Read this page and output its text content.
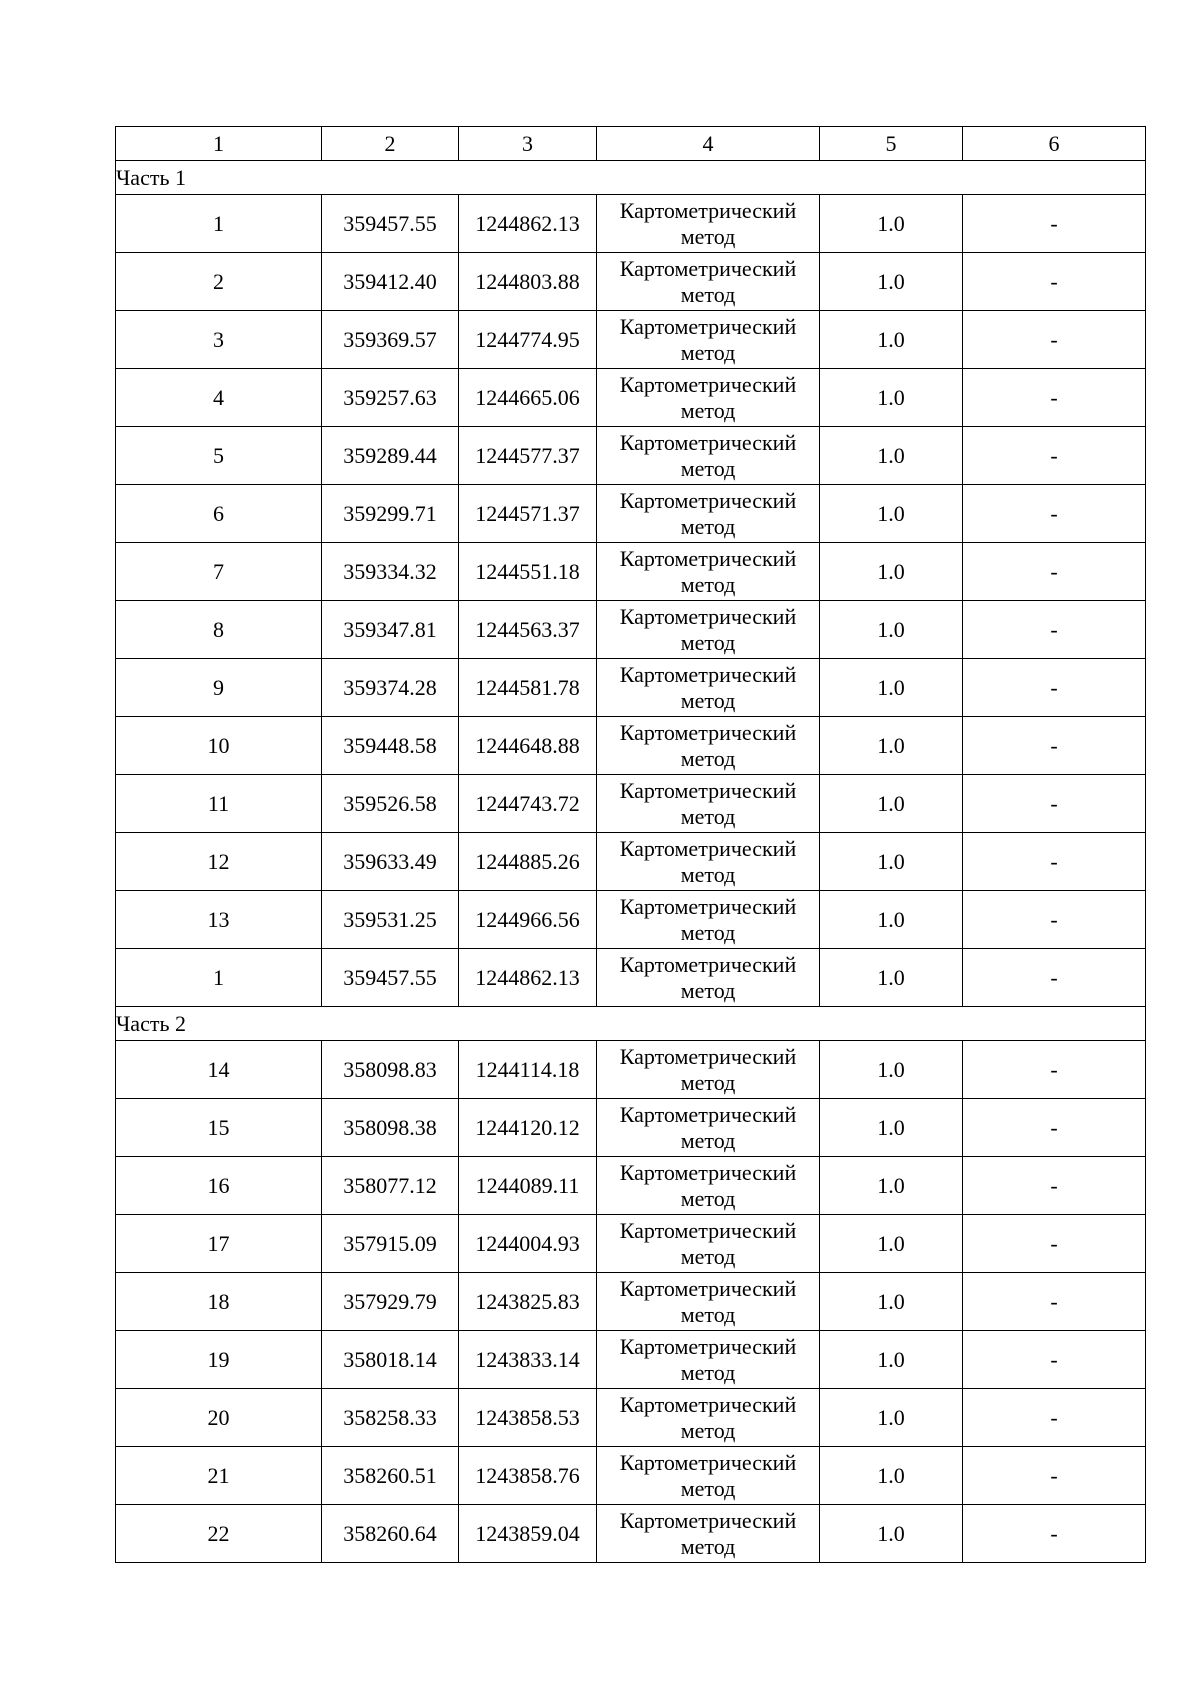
1	2	3	4	5	6
Часть 1					
1	359457.55	1244862.13	Картометрический метод	1.0	-
2	359412.40	1244803.88	Картометрический метод	1.0	-
3	359369.57	1244774.95	Картометрический метод	1.0	-
4	359257.63	1244665.06	Картометрический метод	1.0	-
5	359289.44	1244577.37	Картометрический метод	1.0	-
6	359299.71	1244571.37	Картометрический метод	1.0	-
7	359334.32	1244551.18	Картометрический метод	1.0	-
8	359347.81	1244563.37	Картометрический метод	1.0	-
9	359374.28	1244581.78	Картометрический метод	1.0	-
10	359448.58	1244648.88	Картометрический метод	1.0	-
11	359526.58	1244743.72	Картометрический метод	1.0	-
12	359633.49	1244885.26	Картометрический метод	1.0	-
13	359531.25	1244966.56	Картометрический метод	1.0	-
1	359457.55	1244862.13	Картометрический метод	1.0	-
Часть 2					
14	358098.83	1244114.18	Картометрический метод	1.0	-
15	358098.38	1244120.12	Картометрический метод	1.0	-
16	358077.12	1244089.11	Картометрический метод	1.0	-
17	357915.09	1244004.93	Картометрический метод	1.0	-
18	357929.79	1243825.83	Картометрический метод	1.0	-
19	358018.14	1243833.14	Картометрический метод	1.0	-
20	358258.33	1243858.53	Картометрический метод	1.0	-
21	358260.51	1243858.76	Картометрический метод	1.0	-
22	358260.64	1243859.04	Картометрический метод	1.0	-
